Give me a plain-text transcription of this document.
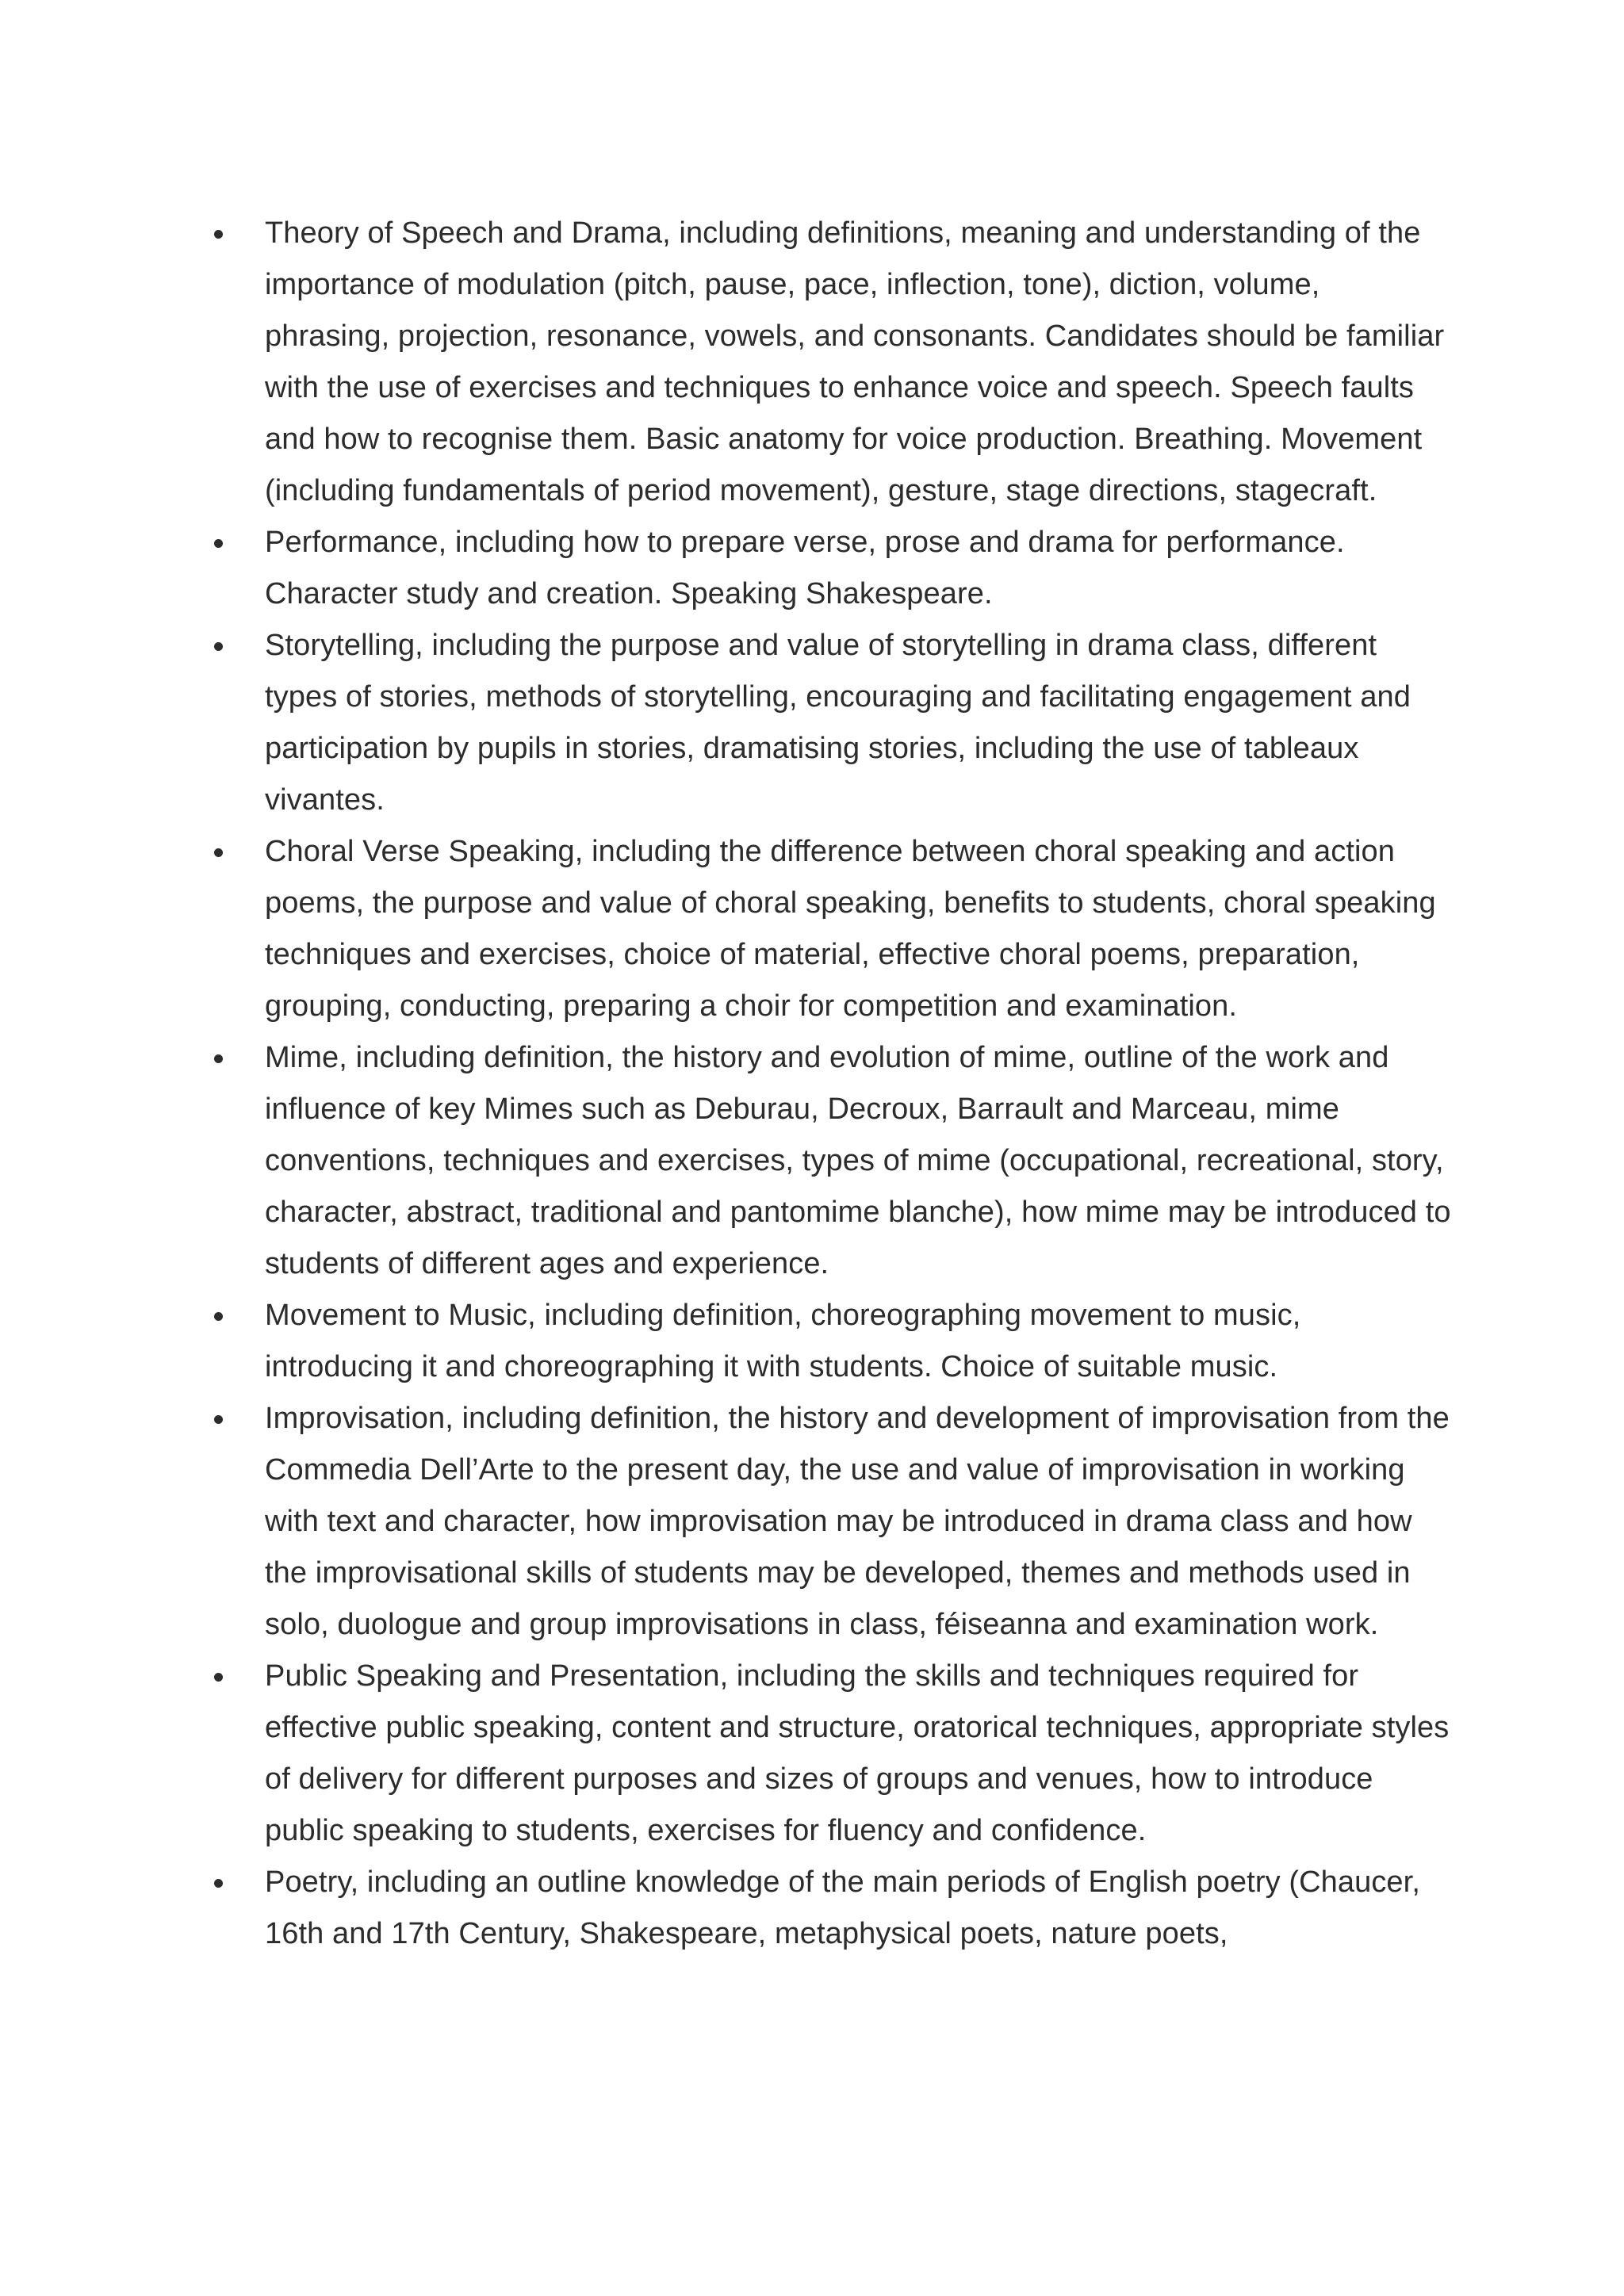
Theory of Speech and Drama, including definitions, meaning and understanding of the importance of modulation (pitch, pause, pace, inflection, tone), diction, volume, phrasing, projection, resonance, vowels, and consonants. Candidates should be familiar with the use of exercises and techniques to enhance voice and speech. Speech faults and how to recognise them. Basic anatomy for voice production. Breathing. Movement (including fundamentals of period movement), gesture, stage directions, stagecraft.
Performance, including how to prepare verse, prose and drama for performance. Character study and creation. Speaking Shakespeare.
Storytelling, including the purpose and value of storytelling in drama class, different types of stories, methods of storytelling, encouraging and facilitating engagement and participation by pupils in stories, dramatising stories, including the use of tableaux vivantes.
Choral Verse Speaking, including the difference between choral speaking and action poems, the purpose and value of choral speaking, benefits to students, choral speaking techniques and exercises, choice of material, effective choral poems, preparation, grouping, conducting, preparing a choir for competition and examination.
Mime, including definition, the history and evolution of mime, outline of the work and influence of key Mimes such as Deburau, Decroux, Barrault and Marceau, mime conventions, techniques and exercises, types of mime (occupational, recreational, story, character, abstract, traditional and pantomime blanche), how mime may be introduced to students of different ages and experience.
Movement to Music, including definition, choreographing movement to music, introducing it and choreographing it with students. Choice of suitable music.
Improvisation, including definition, the history and development of improvisation from the Commedia Dell’Arte to the present day, the use and value of improvisation in working with text and character, how improvisation may be introduced in drama class and how the improvisational skills of students may be developed, themes and methods used in solo, duologue and group improvisations in class, féiseanna and examination work.
Public Speaking and Presentation, including the skills and techniques required for effective public speaking, content and structure, oratorical techniques, appropriate styles of delivery for different purposes and sizes of groups and venues, how to introduce public speaking to students, exercises for fluency and confidence.
Poetry, including an outline knowledge of the main periods of English poetry (Chaucer, 16th and 17th Century, Shakespeare, metaphysical poets, nature poets,
